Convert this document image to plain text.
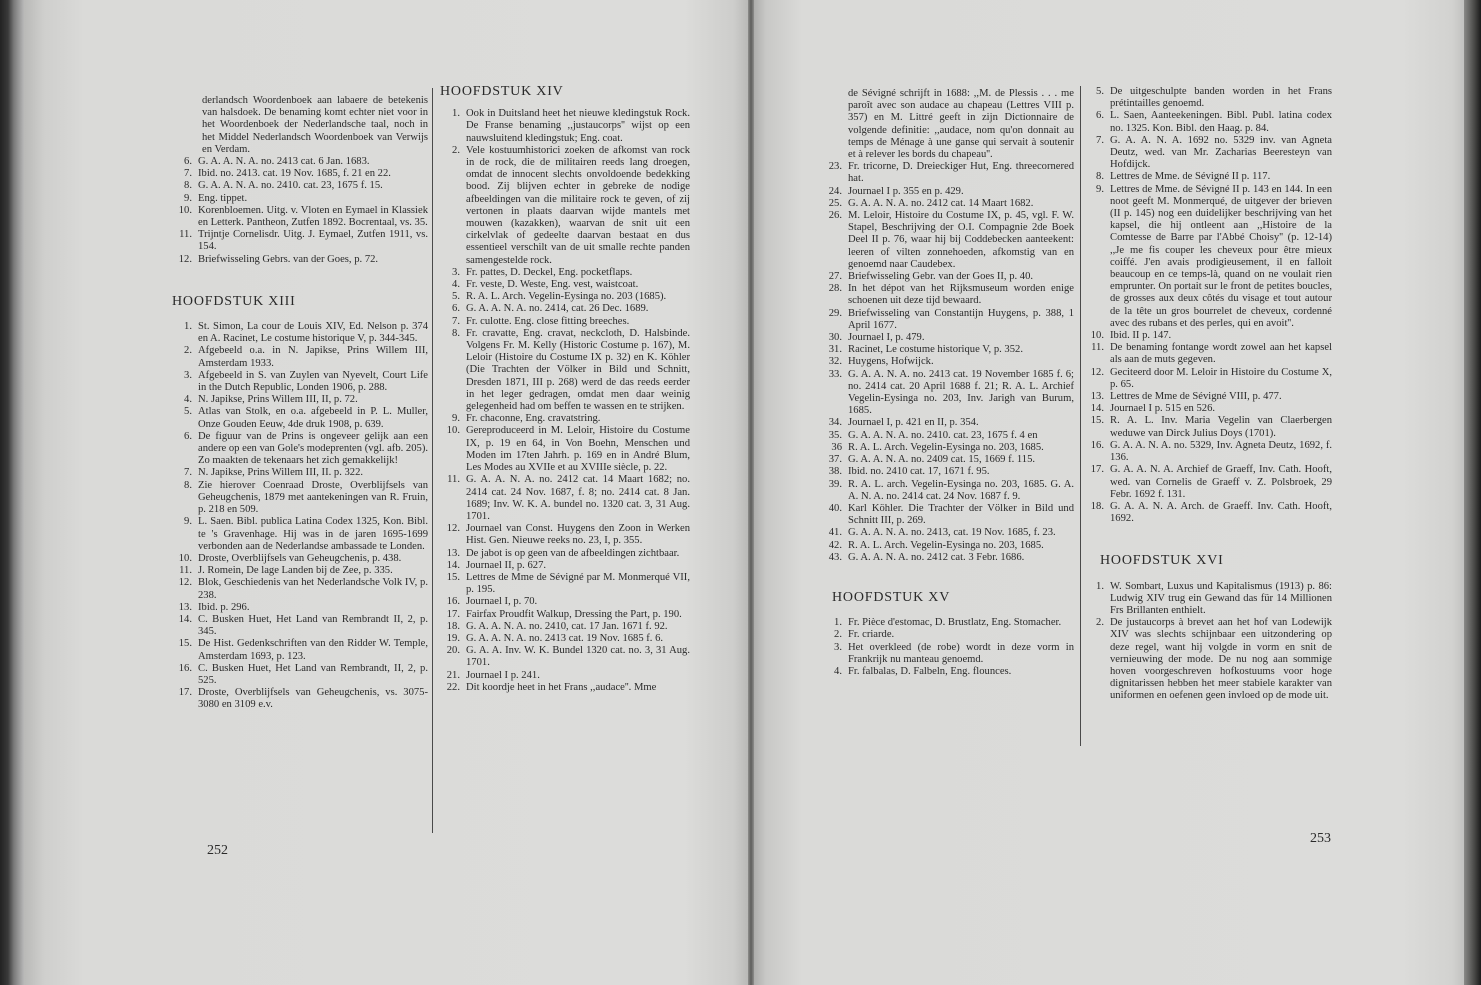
derlandsch Woordenboek aan labaere de betekenis van halsdoek. De benaming komt echter niet voor in het Woordenboek der Nederlandsche taal, noch in het Middel Nederlandsch Woordenboek van Verwijs en Verdam.

6. G. A. A. N. A. no. 2413 cat. 6 Jan. 1683.
7. Ibid. no. 2413. cat. 19 Nov. 1685, f. 21 en 22.
8. G. A. A. N. A. no. 2410. cat. 23, 1675 f. 15.
9. Eng. tippet.
10. Korenbloemen. Uitg. v. Vloten en Eymael in Klassiek en Letterk. Pantheon, Zutfen 1892. Bocrentaal, vs. 35.
11. Trijntje Cornelisdr. Uitg. J. Eymael, Zutfen 1911, vs. 154.
12. Briefwisseling Gebrs. van der Goes, p. 72.
HOOFDSTUK XIII
1. St. Simon, La cour de Louis XIV, Ed. Nelson p. 374 en A. Racinet, Le costume historique V, p. 344-345.
2. Afgebeeld o.a. in N. Japikse, Prins Willem III, Amsterdam 1933.
3. Afgebeeld in S. van Zuylen van Nyevelt, Court Life in the Dutch Republic, Londen 1906, p. 288.
4. N. Japikse, Prins Willem III, II, p. 72.
5. Atlas van Stolk, en o.a. afgebeeld in P. L. Muller, Onze Gouden Eeuw, 4de druk 1908, p. 639.
6. De figuur van de Prins is ongeveer gelijk aan een andere op een van Gole's modeprenten (vgl. afb. 205). Zo maakten de tekenaars het zich gemakkelijk!
7. N. Japikse, Prins Willem III, II. p. 322.
8. Zie hierover Coenraad Droste, Overblijfsels van Geheugchenis, 1879 met aantekeningen van R. Fruin, p. 218 en 509.
9. L. Saen. Bibl. publica Latina Codex 1325, Kon. Bibl. te 's Gravenhage. Hij was in de jaren 1695-1699 verbonden aan de Nederlandse ambassade te Londen.
10. Droste, Overblijfsels van Geheugchenis, p. 438.
11. J. Romein, De lage Landen bij de Zee, p. 335.
12. Blok, Geschiedenis van het Nederlandsche Volk IV, p. 238.
13. Ibid. p. 296.
14. C. Busken Huet, Het Land van Rembrandt II, 2, p. 345.
15. De Hist. Gedenkschriften van den Ridder W. Temple, Amsterdam 1693, p. 123.
16. C. Busken Huet, Het Land van Rembrandt, II, 2, p. 525.
17. Droste, Overblijfsels van Geheugchenis, vs. 3075-3080 en 3109 e.v.
HOOFDSTUK XIV
1. Ook in Duitsland heet het nieuwe kledingstuk Rock. De Franse benaming ,,justaucorps'' wijst op een nauwsluitend kledingstuk; Eng. coat.
2. Vele kostuumhistorici zoeken de afkomst van rock in de rock, die de militairen reeds lang droegen, omdat de innocent slechts onvoldoende bedekking bood. Zij blijven echter in gebreke de nodige afbeeldingen van die militaire rock te geven, of zij vertonen in plaats daarvan wijde mantels met mouwen (kazakken), waarvan de snit uit een cirkelvlak of gedeelte daarvan bestaat en dus essentieel verschilt van de uit smalle rechte panden samengestelde rock.
3. Fr. pattes, D. Deckel, Eng. pocketflaps.
4. Fr. veste, D. Weste, Eng. vest, waistcoat.
5. R. A. L. Arch. Vegelin-Eysinga no. 203 (1685).
6. G. A. A. N. A. no. 2414, cat. 26 Dec. 1689.
7. Fr. culotte. Eng. close fitting breeches.
8. Fr. cravatte, Eng. cravat, neckcloth, D. Halsbinde. Volgens Fr. M. Kelly (Historic Costume p. 167), M. Leloir (Histoire du Costume IX p. 32) en K. Köhler (Die Trachten der Völker in Bild und Schnitt, Dresden 1871, III p. 268) werd de das reeds eerder in het leger gedragen, omdat men daar weinig gelegenheid had om beffen te wassen en te strijken.
9. Fr. chaconne, Eng. cravatstring.
10. Gereproduceerd in M. Leloir, Histoire du Costume IX, p. 19 en 64, in Von Boehn, Menschen und Moden im 17ten Jahrh. p. 169 en in André Blum, Les Modes au XVIIe et au XVIIIe siècle, p. 22.
11. G. A. A. N. A. no. 2412 cat. 14 Maart 1682; no. 2414 cat. 24 Nov. 1687, f. 8; no. 2414 cat. 8 Jan. 1689; Inv. W. K. A. bundel no. 1320 cat. 3, 31 Aug. 1701.
12. Journael van Const. Huygens den Zoon in Werken Hist. Gen. Nieuwe reeks no. 23, I, p. 355.
13. De jabot is op geen van de afbeeldingen zichtbaar.
14. Journael II, p. 627.
15. Lettres de Mme de Sévigné par M. Monmerqué VII, p. 195.
16. Journael I, p. 70.
17. Fairfax Proudfit Walkup, Dressing the Part, p. 190.
18. G. A. A. N. A. no. 2410, cat. 17 Jan. 1671 f. 92.
19. G. A. A. N. A. no. 2413 cat. 19 Nov. 1685 f. 6.
20. G. A. A. Inv. W. K. Bundel 1320 cat. no. 3, 31 Aug. 1701.
21. Journael I p. 241.
22. Dit koordje heet in het Frans ,,audace''. Mme

de Sévigné schrijft in 1688: ,,M. de Plessis . . . me paroît avec son audace au chapeau (Lettres VIII p. 357) en M. Littré geeft in zijn Dictionnaire de volgende definitie: ,,audace, nom qu'on donnait au temps de Ménage à une ganse qui servait à soutenir et à relever les bords du chapeau''.

23. Fr. tricorne, D. Dreieckiger Hut, Eng. threecornered hat.
24. Journael I p. 355 en p. 429.
25. G. A. A. N. A. no. 2412 cat. 14 Maart 1682.
26. M. Leloir, Histoire du Costume IX, p. 45, vgl. F. W. Stapel, Beschrijving der O.I. Compagnie 2de Boek Deel II p. 76, waar hij bij Coddebecken aanteekent: leeren of vilten zonnehoeden, afkomstig van en genoemd naar Caudebex.
27. Briefwisseling Gebr. van der Goes II, p. 40.
28. In het dépot van het Rijksmuseum worden enige schoenen uit deze tijd bewaard.
29. Briefwisseling van Constantijn Huygens, p. 388, 1 April 1677.
30. Journael I, p. 479.
31. Racinet, Le costume historique V, p. 352.
32. Huygens, Hofwijck.
33. G. A. A. N. A. no. 2413 cat. 19 November 1685 f. 6; no. 2414 cat. 20 April 1688 f. 21; R. A. L. Archief Vegelin-Eysinga no. 203, Inv. Jarigh van Burum, 1685.
34. Journael I, p. 421 en II, p. 354.
35. G. A. A. N. A. no. 2410. cat. 23, 1675 f. 4 en
36 R. A. L. Arch. Vegelin-Eysinga no. 203, 1685.
37. G. A. A. N. A. no. 2409 cat. 15, 1669 f. 115.
38. Ibid. no. 2410 cat. 17, 1671 f. 95.
39. R. A. L. arch. Vegelin-Eysinga no. 203, 1685. G. A. A. N. A. no. 2414 cat. 24 Nov. 1687 f. 9.
40. Karl Köhler. Die Trachter der Völker in Bild und Schnitt III, p. 269.
41. G. A. A. N. A. no. 2413, cat. 19 Nov. 1685, f. 23.
42. R. A. L. Arch. Vegelin-Eysinga no. 203, 1685.
43. G. A. A. N. A. no. 2412 cat. 3 Febr. 1686.
HOOFDSTUK XV
1. Fr. Pièce d'estomac, D. Brustlatz, Eng. Stomacher.
2. Fr. criarde.
3. Het overkleed (de robe) wordt in deze vorm in Frankrijk nu manteau genoemd.
4. Fr. falbalas, D. Falbeln, Eng. flounces.
5. De uitgeschulpte banden worden in het Frans prétintailles genoemd.
6. L. Saen, Aanteekeningen. Bibl. Publ. latina codex no. 1325. Kon. Bibl. den Haag. p. 84.
7. G. A. A. N. A. 1692 no. 5329 inv. van Agneta Deutz, wed. van Mr. Zacharias Beeresteyn van Hofdijck.
8. Lettres de Mme. de Sévigné II p. 117.
9. Lettres de Mme. de Sévigné II p. 143 en 144. In een noot geeft M. Monmerqué, de uitgever der brieven (II p. 145) nog een duidelijker beschrijving van het kapsel, die hij ontleent aan ,,Histoire de la Comtesse de Barre par l'Abbé Choisy'' (p. 12-14) ,,Je me fis couper les cheveux pour être mieux coiffé. J'en avais prodigieusement, il en falloit beaucoup en ce temps-là, quand on ne voulait rien emprunter. On portait sur le front de petites boucles, de grosses aux deux côtés du visage et tout autour de la tête un gros bourrelet de cheveux, cordenné avec des rubans et des perles, qui en avoit''.
10. Ibid. II p. 147.
11. De benaming fontange wordt zowel aan het kapsel als aan de muts gegeven.
12. Geciteerd door M. Leloir in Histoire du Costume X, p. 65.
13. Lettres de Mme de Sévigné VIII, p. 477.
14. Journael I p. 515 en 526.
15. R. A. L. Inv. Maria Vegelin van Claerbergen weduwe van Dirck Julius Doys (1701).
16. G. A. A. N. A. no. 5329, Inv. Agneta Deutz, 1692, f. 136.
17. G. A. A. N. A. Archief de Graeff, Inv. Cath. Hooft, wed. van Cornelis de Graeff v. Z. Polsbroek, 29 Febr. 1692 f. 131.
18. G. A. A. N. A. Arch. de Graeff. Inv. Cath. Hooft, 1692.
HOOFDSTUK XVI
1. W. Sombart, Luxus und Kapitalismus (1913) p. 86: Ludwig XIV trug ein Gewand das für 14 Millionen Frs Brillanten enthielt.
2. De justaucorps à brevet aan het hof van Lodewijk XIV was slechts schijnbaar een uitzondering op deze regel, want hij volgde in vorm en snit de vernieuwing der mode. De nu nog aan sommige hoven voorgeschreven hofkostuums voor hoge dignitarissen hebben het meer stabiele karakter van uniformen en oefenen geen invloed op de mode uit.
252
253
